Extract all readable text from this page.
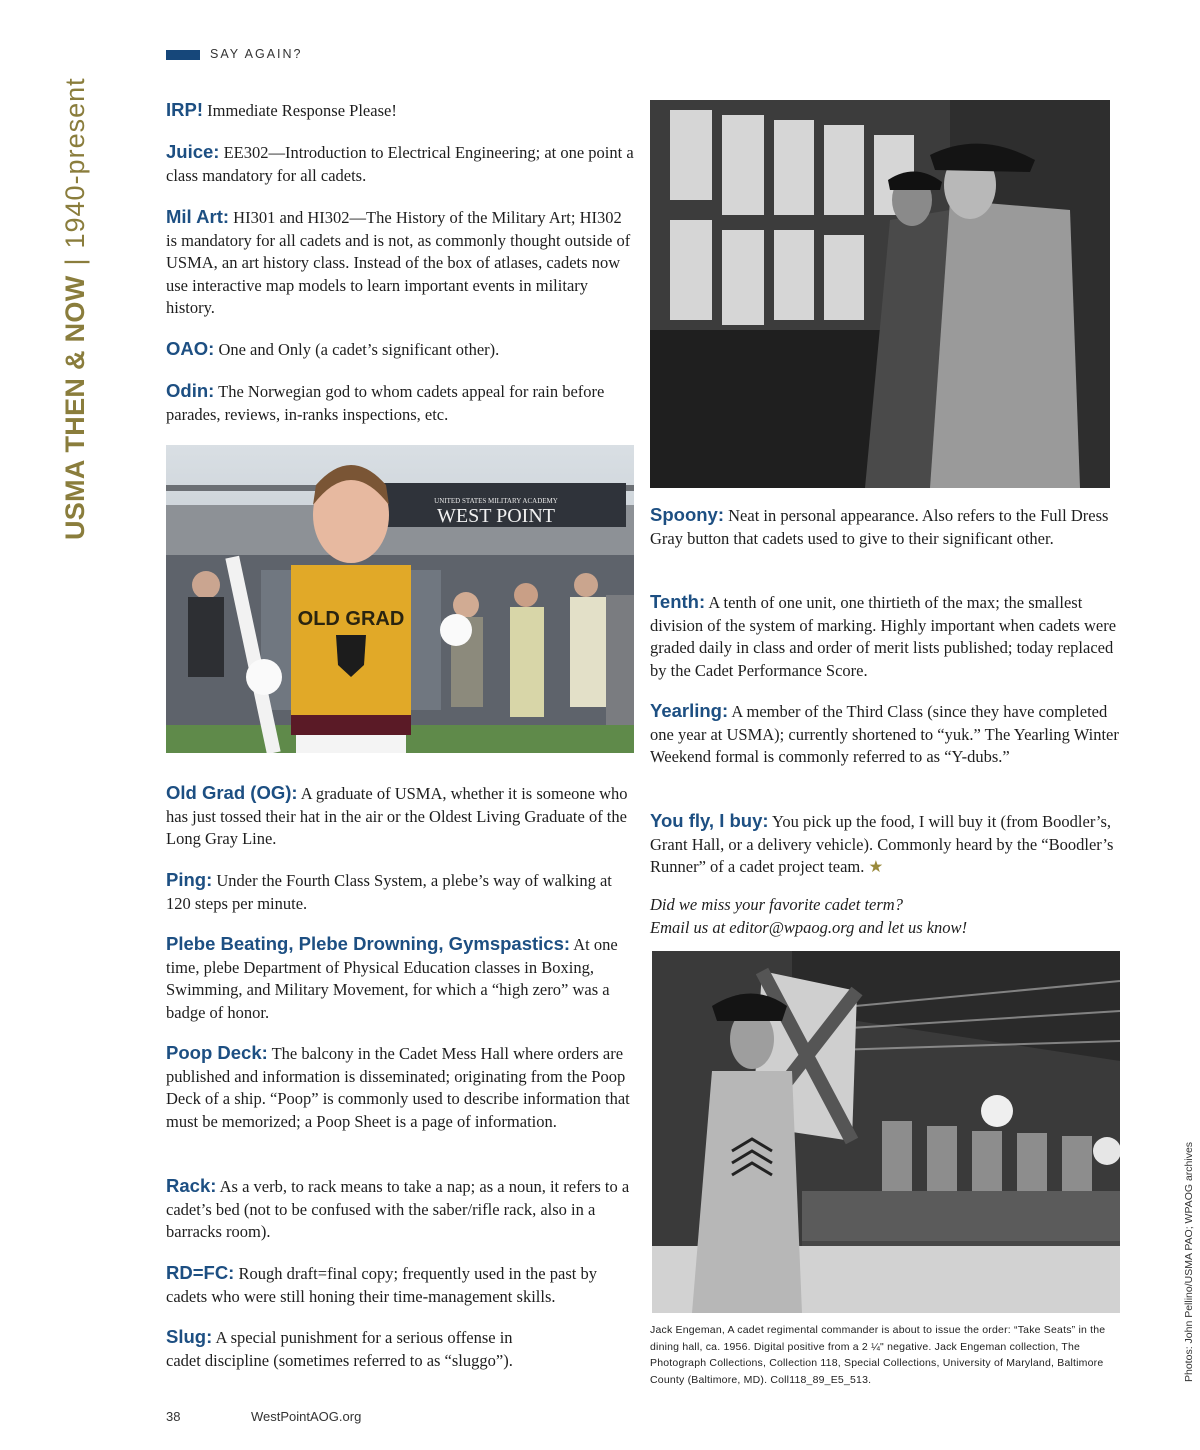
SAY AGAIN?
USMA THEN & NOW|1940-present	IRP! Immediate Response Please!
Juice: EE302—Introduction to Electrical Engineering; at one point a class mandatory for all cadets.
Mil Art: HI301 and HI302—The History of the Military Art; HI302 is mandatory for all cadets and is not, as commonly thought outside of USMA, an art history class. Instead of the box of atlases, cadets now use interactive map models to learn important events in military history.
OAO: One and Only (a cadet’s significant other).
Odin: The Norwegian god to whom cadets appeal for rain before parades, reviews, in-ranks inspections, etc.
UNITED STATES MILITARY ACADEMY
WEST POINT
OLD GRAD
Old Grad (OG): A graduate of USMA, whether it is someone who has just tossed their hat in the air or the Oldest Living Graduate of the Long Gray Line.
Ping: Under the Fourth Class System, a plebe’s way of walking at 120 steps per minute.
Plebe Beating, Plebe Drowning, Gymspastics: At one time, plebe Department of Physical Education classes in Boxing, Swimming, and Military Movement, for which a “high zero” was a badge of honor.
Poop Deck: The balcony in the Cadet Mess Hall where orders are published and information is disseminated; originating from the Poop Deck of a ship. “Poop” is commonly used to describe information that must be memorized; a Poop Sheet is a page of information.
Rack: As a verb, to rack means to take a nap; as a noun, it refers to a cadet’s bed (not to be confused with the saber/rifle rack, also in a barracks room).
RD=FC: Rough draft=final copy; frequently used in the past by cadets who were still honing their time-management skills.
Slug: A special punishment for a serious offense in cadet discipline (sometimes referred to as “sluggo”).
Spoony: Neat in personal appearance. Also refers to the Full Dress Gray button that cadets used to give to their significant other.
Tenth: A tenth of one unit, one thirtieth of the max; the smallest division of the system of marking. Highly important when cadets were graded daily in class and order of merit lists published; today replaced by the Cadet Performance Score.
Yearling: A member of the Third Class (since they have completed one year at USMA); currently shortened to “yuk.” The Yearling Winter Weekend formal is commonly referred to as “Y-dubs.”
You fly, I buy: You pick up the food, I will buy it (from Boodler’s, Grant Hall, or a delivery vehicle). Commonly heard by the “Boodler’s Runner” of a cadet project team. ★
Did we miss your favorite cadet term?
Email us at editor@wpaog.org and let us know!
Jack Engeman, A cadet regimental commander is about to issue the order: “Take Seats” in the dining hall, ca. 1956. Digital positive from a 2 ¼" negative. Jack Engeman collection, The Photograph Collections, Collection 118, Special Collections, University of Maryland, Baltimore County (Baltimore, MD). Coll118_89_E5_513.	Photos: John Pellino/USMA PAO; WPAOG archives
38	WestPointAOG.org
